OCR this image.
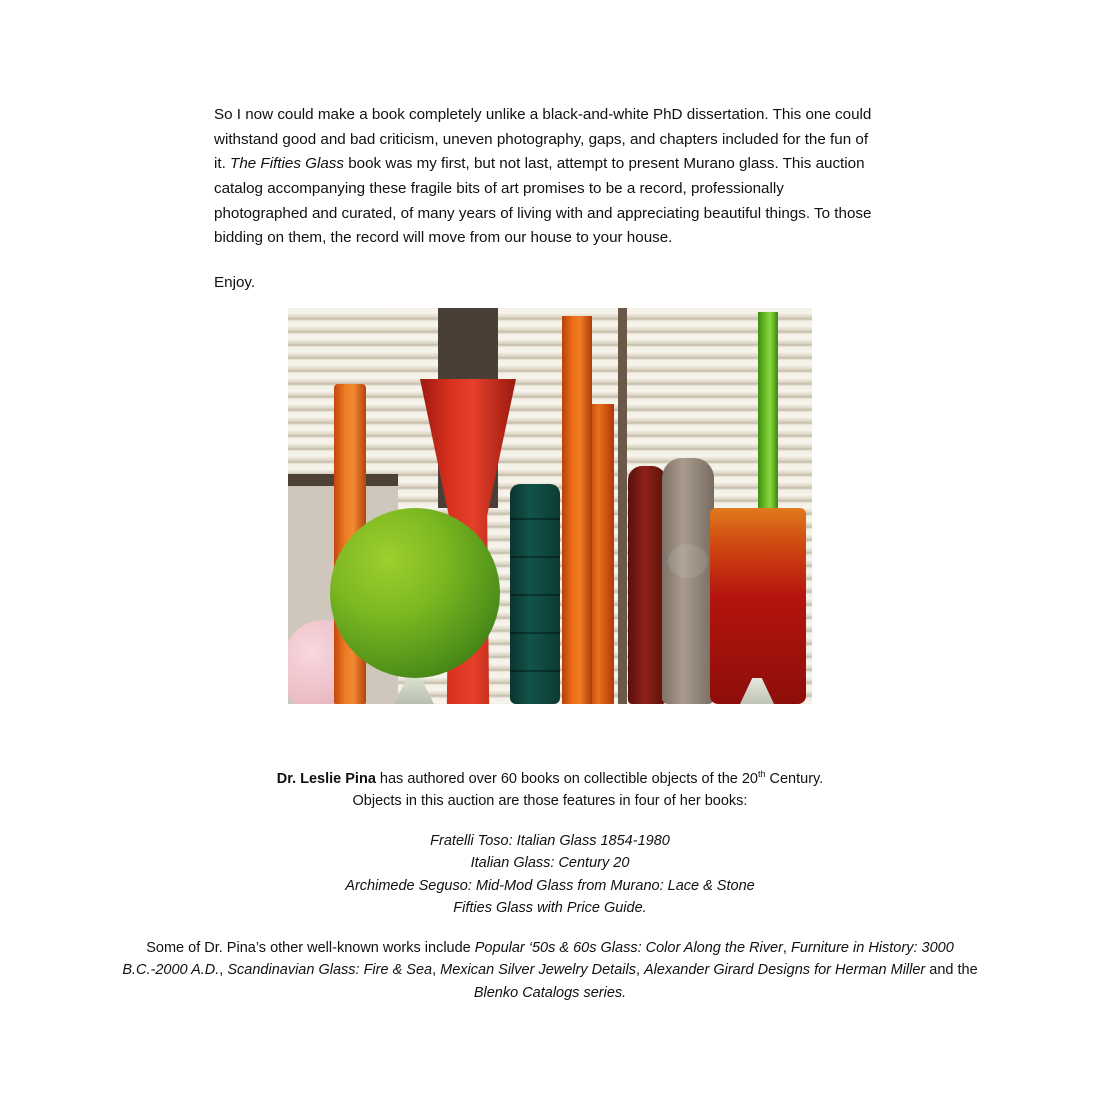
So I now could make a book completely unlike a black-and-white PhD dissertation. This one could withstand good and bad criticism, uneven photography, gaps, and chapters included for the fun of it. The Fifties Glass book was my first, but not last, attempt to present Murano glass. This auction catalog accompanying these fragile bits of art promises to be a record, professionally photographed and curated, of many years of living with and appreciating beautiful things. To those bidding on them, the record will move from our house to your house.

Enjoy.

Dr. Leslie Pina has authored over 60 books on collectible objects of the 20th Century.
Objects in this auction are those features in four of her books:
Fratelli Toso: Italian Glass 1854-1980
Italian Glass: Century 20
Archimede Seguso: Mid-Mod Glass from Murano: Lace & Stone
Fifties Glass with Price Guide.
Some of Dr. Pina’s other well-known works include Popular ‘50s & 60s Glass: Color Along the River, Furniture in History: 3000 B.C.-2000 A.D., Scandinavian Glass: Fire & Sea, Mexican Silver Jewelry Details, Alexander Girard Designs for Herman Miller and the Blenko Catalogs series.
